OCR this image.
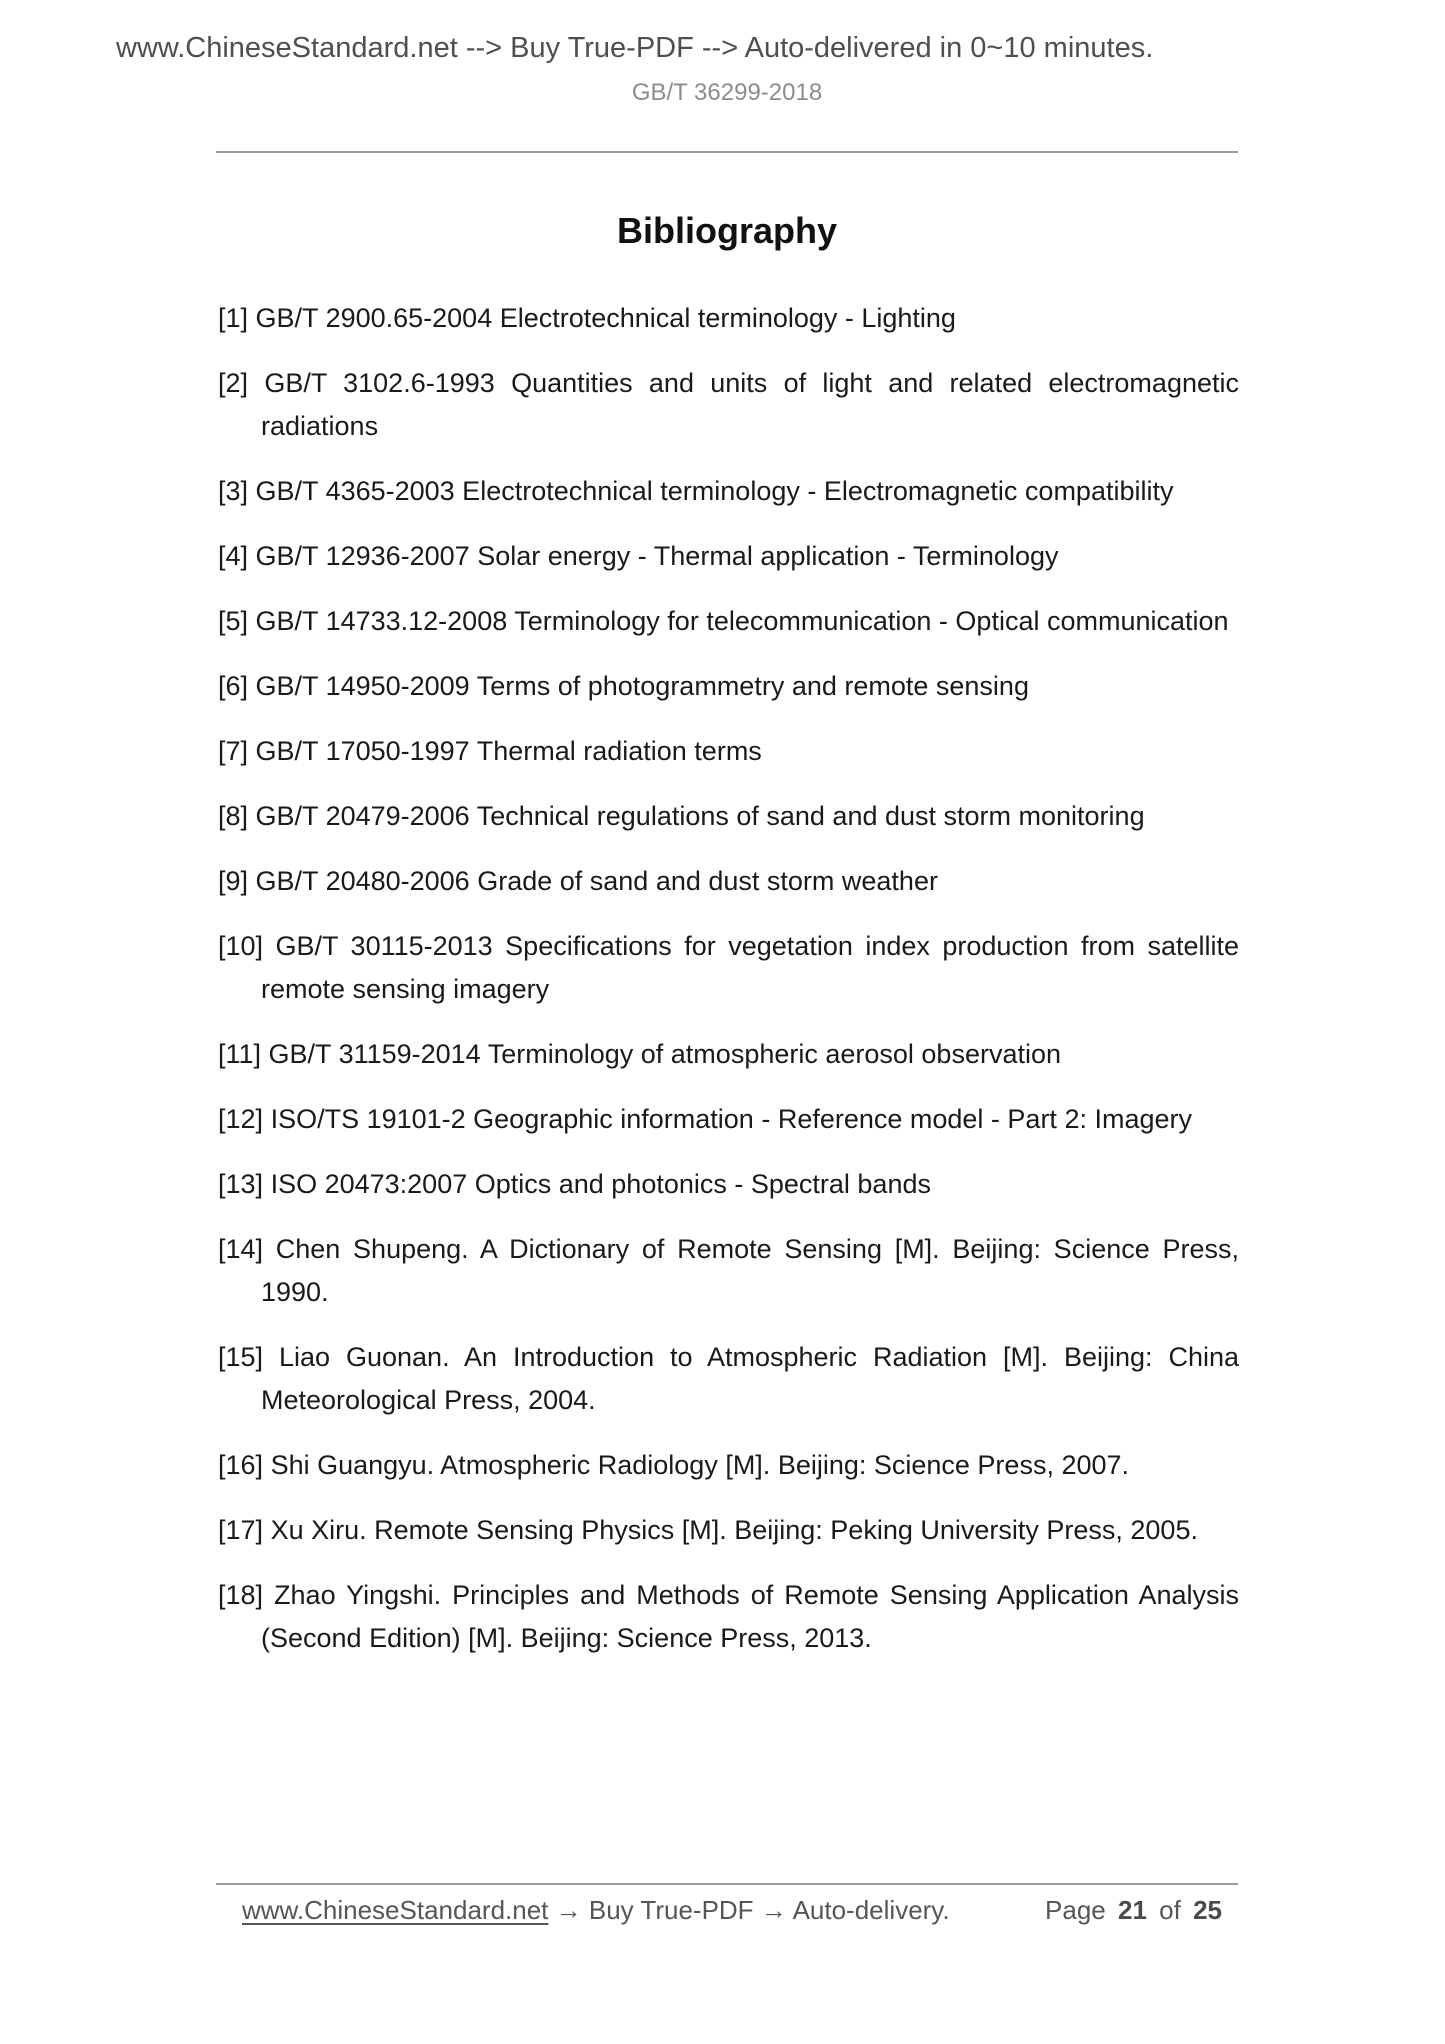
www.ChineseStandard.net --> Buy True-PDF --> Auto-delivered in 0~10 minutes.
GB/T 36299-2018
Bibliography

[1] GB/T 2900.65-2004 Electrotechnical terminology - Lighting

[2] GB/T 3102.6-1993 Quantities and units of light and related electromagnetic radiations

[3] GB/T 4365-2003 Electrotechnical terminology - Electromagnetic compatibility

[4] GB/T 12936-2007 Solar energy - Thermal application - Terminology

[5] GB/T 14733.12-2008 Terminology for telecommunication - Optical communication

[6] GB/T 14950-2009 Terms of photogrammetry and remote sensing

[7] GB/T 17050-1997 Thermal radiation terms

[8] GB/T 20479-2006 Technical regulations of sand and dust storm monitoring

[9] GB/T 20480-2006 Grade of sand and dust storm weather

[10] GB/T 30115-2013 Specifications for vegetation index production from satellite remote sensing imagery

[11] GB/T 31159-2014 Terminology of atmospheric aerosol observation

[12] ISO/TS 19101-2 Geographic information - Reference model - Part 2: Imagery

[13] ISO 20473:2007 Optics and photonics - Spectral bands

[14] Chen Shupeng. A Dictionary of Remote Sensing [M]. Beijing: Science Press, 1990.

[15] Liao Guonan. An Introduction to Atmospheric Radiation [M]. Beijing: China Meteorological Press, 2004.

[16] Shi Guangyu. Atmospheric Radiology [M]. Beijing: Science Press, 2007.

[17] Xu Xiru. Remote Sensing Physics [M]. Beijing: Peking University Press, 2005.

[18] Zhao Yingshi. Principles and Methods of Remote Sensing Application Analysis (Second Edition) [M]. Beijing: Science Press, 2013.

www.ChineseStandard.net → Buy True-PDF → Auto-delivery.	Page 21 of 25
